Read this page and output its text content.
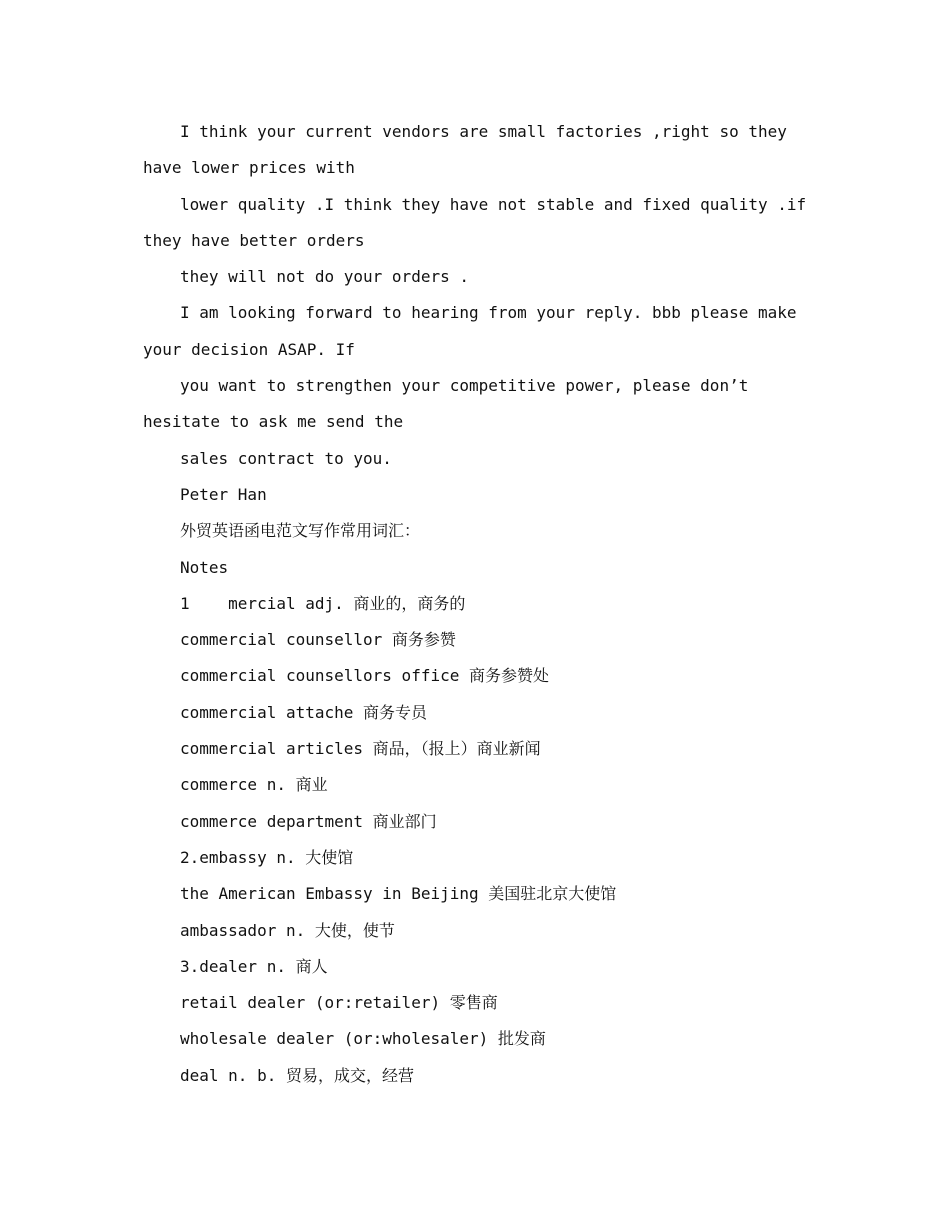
I think your current vendors are small factories ,right so they
have lower prices with
lower quality .I think they have not stable and fixed quality .if
they have better orders
they will not do your orders .
I am looking forward to hearing from your reply. bbb please make
your decision ASAP. If
you want to strengthen your competitive power, please don’t
hesitate to ask me send the
sales contract to you.
Peter Han
外贸英语函电范文写作常用词汇：
Notes
1    mercial adj. 商业的，商务的
commercial counsellor 商务参赞
commercial counsellors office 商务参赞处
commercial attache 商务专员
commercial articles 商品，（报上）商业新闻
commerce n. 商业
commerce department 商业部门
2.embassy n. 大使馆
the American Embassy in Beijing 美国驻北京大使馆
ambassador n. 大使，使节
3.dealer n. 商人
retail dealer (or:retailer) 零售商
wholesale dealer (or:wholesaler) 批发商
deal n. b. 贸易，成交，经营
